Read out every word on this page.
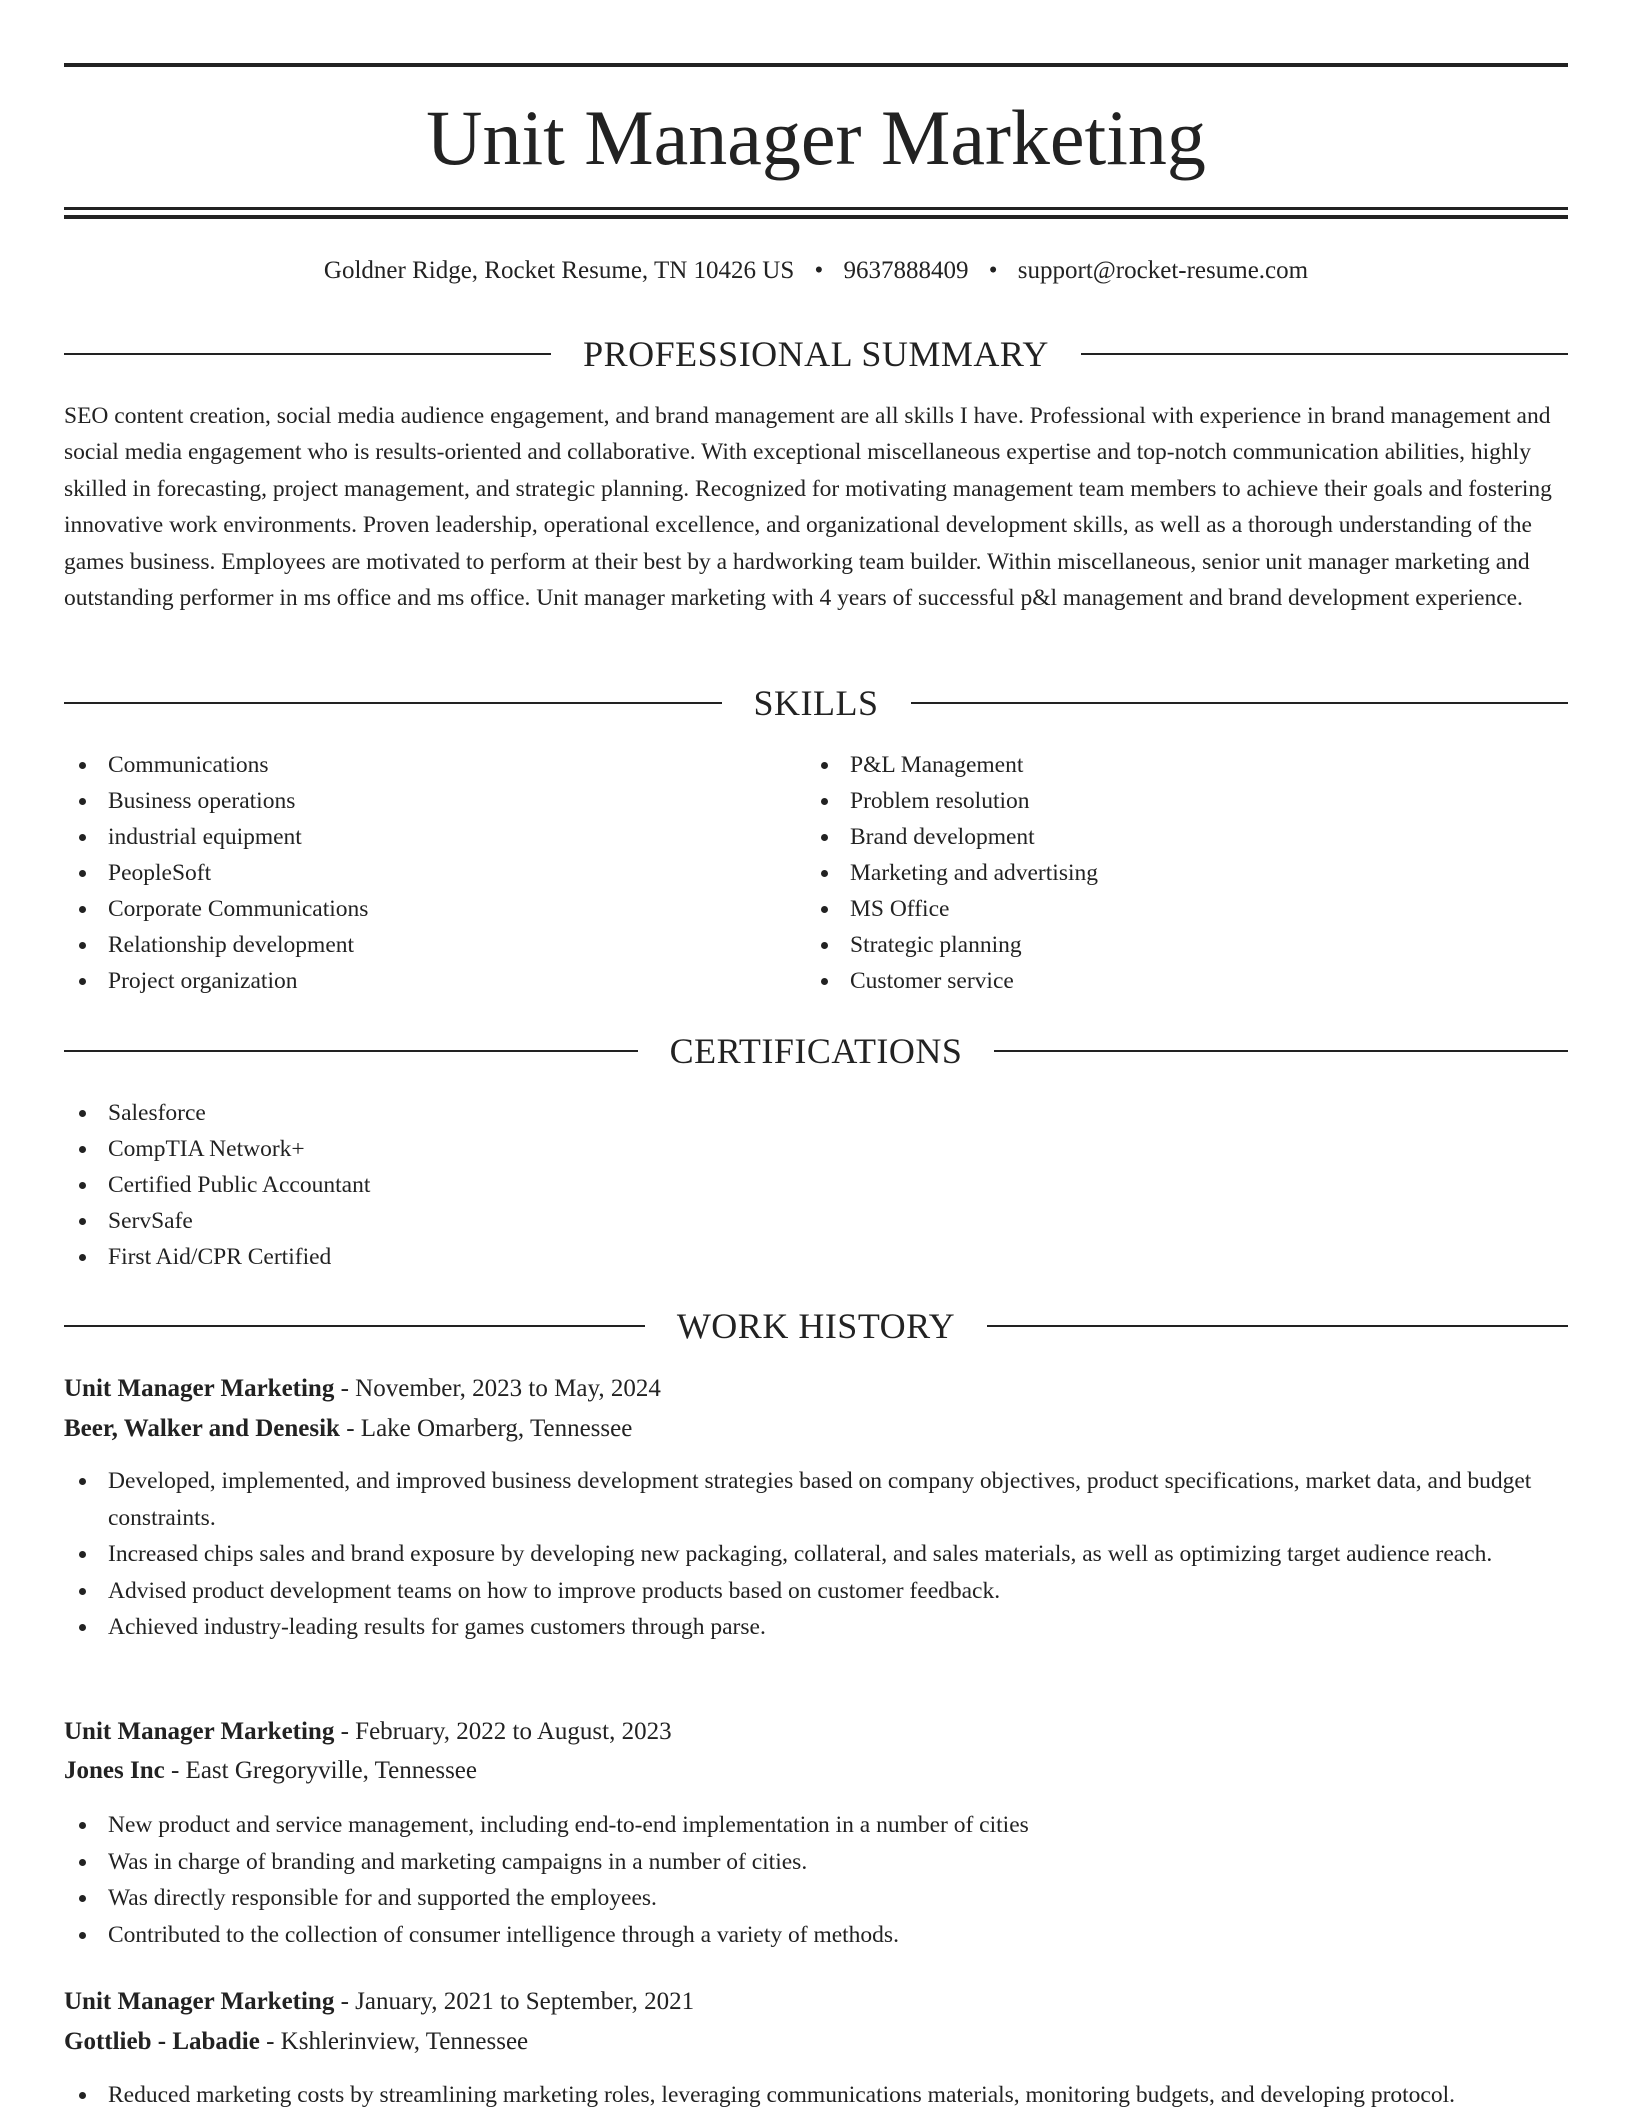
Unit Manager Marketing
Goldner Ridge, Rocket Resume, TN 10426 US • 9637888409 • support@rocket-resume.com
PROFESSIONAL SUMMARY

SEO content creation, social media audience engagement, and brand management are all skills I have. Professional with experience in brand management and social media engagement who is results-oriented and collaborative. With exceptional miscellaneous expertise and top-notch communication abilities, highly skilled in forecasting, project management, and strategic planning. Recognized for motivating management team members to achieve their goals and fostering innovative work environments. Proven leadership, operational excellence, and organizational development skills, as well as a thorough understanding of the games business. Employees are motivated to perform at their best by a hardworking team builder. Within miscellaneous, senior unit manager marketing and outstanding performer in ms office and ms office. Unit manager marketing with 4 years of successful p&l management and brand development experience.

SKILLS
Communications
Business operations
industrial equipment
PeopleSoft
Corporate Communications
Relationship development
Project organization
P&L Management
Problem resolution
Brand development
Marketing and advertising
MS Office
Strategic planning
Customer service
CERTIFICATIONS
Salesforce
CompTIA Network+
Certified Public Accountant
ServSafe
First Aid/CPR Certified
WORK HISTORY
Unit Manager Marketing - November, 2023 to May, 2024
Beer, Walker and Denesik - Lake Omarberg, Tennessee
Developed, implemented, and improved business development strategies based on company objectives, product specifications, market data, and budget constraints.
Increased chips sales and brand exposure by developing new packaging, collateral, and sales materials, as well as optimizing target audience reach.
Advised product development teams on how to improve products based on customer feedback.
Achieved industry-leading results for games customers through parse.
Unit Manager Marketing - February, 2022 to August, 2023
Jones Inc - East Gregoryville, Tennessee
New product and service management, including end-to-end implementation in a number of cities
Was in charge of branding and marketing campaigns in a number of cities.
Was directly responsible for and supported the employees.
Contributed to the collection of consumer intelligence through a variety of methods.
Unit Manager Marketing - January, 2021 to September, 2021
Gottlieb - Labadie - Kshlerinview, Tennessee
Reduced marketing costs by streamlining marketing roles, leveraging communications materials, monitoring budgets, and developing protocol.
